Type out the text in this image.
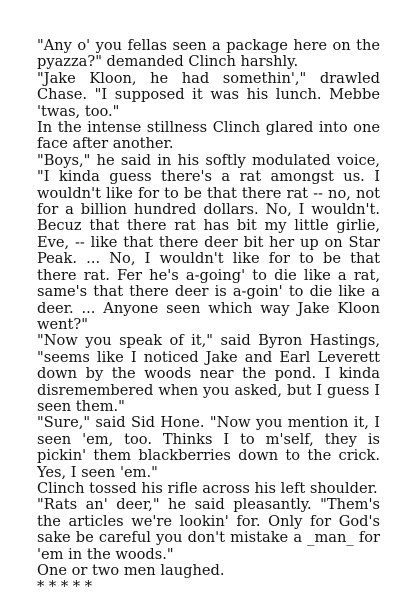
"Any o' you fellas seen a package here on the pyazza?" demanded Clinch harshly.

"Jake Kloon, he had somethin'," drawled Chase. "I supposed it was his lunch. Mebbe 'twas, too."

In the intense stillness Clinch glared into one face after another.

"Boys," he said in his softly modulated voice, "I kinda guess there's a rat amongst us. I wouldn't like for to be that there rat -- no, not for a billion hundred dollars. No, I wouldn't. Becuz that there rat has bit my little girlie, Eve, -- like that there deer bit her up on Star Peak. ... No, I wouldn't like for to be that there rat. Fer he's a-going' to die like a rat, same's that there deer is a-goin' to die like a deer. ... Anyone seen which way Jake Kloon went?"

"Now you speak of it," said Byron Hastings, "seems like I noticed Jake and Earl Leverett down by the woods near the pond. I kinda disremembered when you asked, but I guess I seen them."

"Sure," said Sid Hone. "Now you mention it, I seen 'em, too. Thinks I to m'self, they is pickin' them blackberries down to the crick. Yes, I seen 'em."

Clinch tossed his rifle across his left shoulder.

"Rats an' deer," he said pleasantly. "Them's the articles we're lookin' for. Only for God's sake be careful you don't mistake a _man_ for 'em in the woods."

One or two men laughed.

* * * * *
